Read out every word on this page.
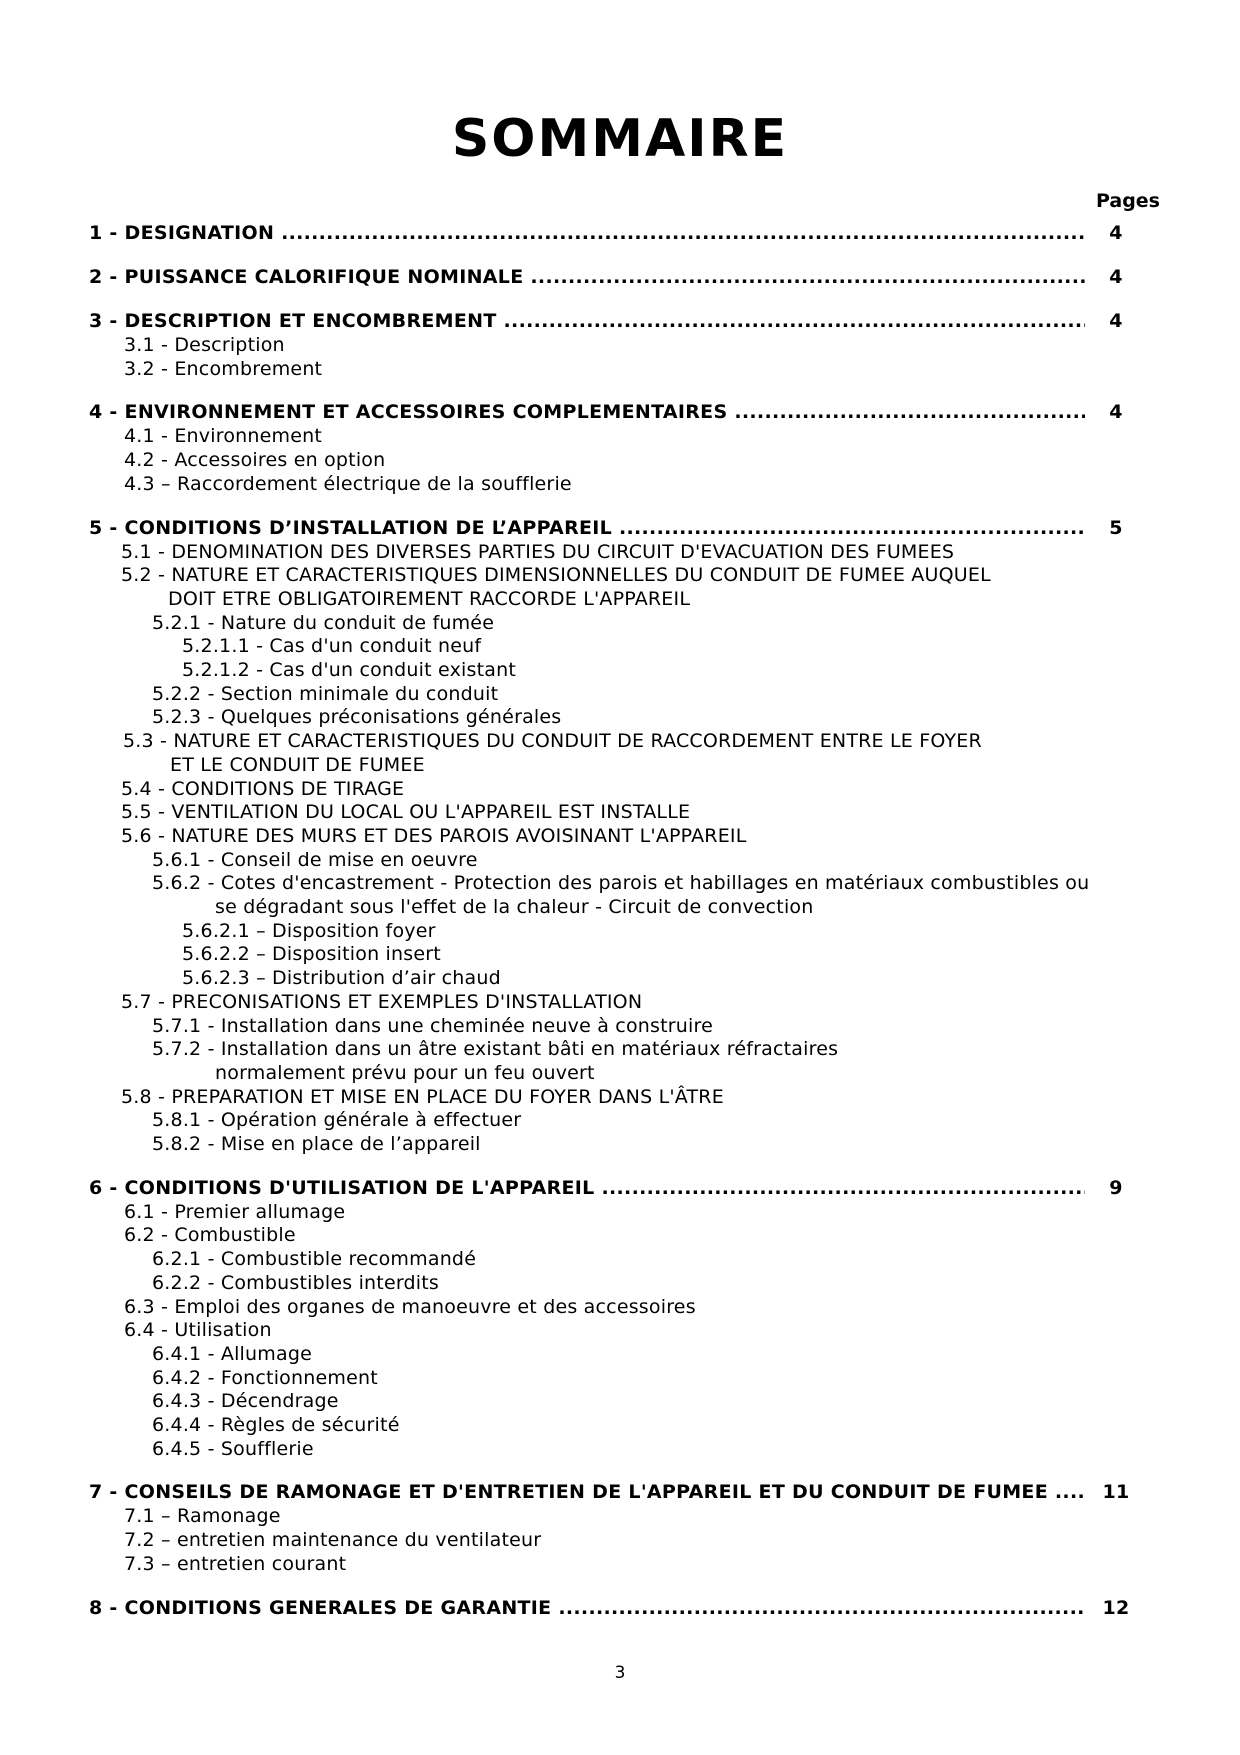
SOMMAIRE
Pages
1 - DESIGNATION .....	4
2 - PUISSANCE CALORIFIQUE NOMINALE .....	4
3 - DESCRIPTION ET ENCOMBREMENT .....	4
3.1 - Description
3.2 - Encombrement
4 - ENVIRONNEMENT ET ACCESSOIRES COMPLEMENTAIRES .....	4
4.1 - Environnement
4.2 - Accessoires en option
4.3 – Raccordement électrique de la soufflerie
5 - CONDITIONS D’INSTALLATION DE L’APPAREIL .....	5
5.1 - DENOMINATION DES DIVERSES PARTIES DU CIRCUIT D'EVACUATION DES FUMEES
5.2 - NATURE ET CARACTERISTIQUES DIMENSIONNELLES DU CONDUIT DE FUMEE AUQUEL
DOIT ETRE OBLIGATOIREMENT RACCORDE L'APPAREIL
5.2.1 - Nature du conduit de fumée
5.2.1.1 - Cas d'un conduit neuf
5.2.1.2 - Cas d'un conduit existant
5.2.2 - Section minimale du conduit
5.2.3 - Quelques préconisations générales
5.3 - NATURE ET CARACTERISTIQUES DU CONDUIT DE RACCORDEMENT ENTRE LE FOYER
ET LE CONDUIT DE FUMEE
5.4 - CONDITIONS DE TIRAGE
5.5 - VENTILATION DU LOCAL OU L'APPAREIL EST INSTALLE
5.6 - NATURE DES MURS ET DES PAROIS AVOISINANT L'APPAREIL
5.6.1 - Conseil de mise en oeuvre
5.6.2 - Cotes d'encastrement - Protection des parois et habillages en matériaux combustibles ou
se dégradant sous l'effet de la chaleur - Circuit de convection
5.6.2.1 – Disposition foyer
5.6.2.2 – Disposition insert
5.6.2.3 – Distribution d’air chaud
5.7 - PRECONISATIONS ET EXEMPLES D'INSTALLATION
5.7.1 - Installation dans une cheminée neuve à construire
5.7.2 - Installation dans un âtre existant bâti en matériaux réfractaires
normalement prévu pour un feu ouvert
5.8 - PREPARATION ET MISE EN PLACE DU FOYER DANS L'ÂTRE
5.8.1 - Opération générale à effectuer
5.8.2 - Mise en place de l’appareil
6 - CONDITIONS D'UTILISATION DE L'APPAREIL .....	9
6.1 - Premier allumage
6.2 - Combustible
6.2.1 - Combustible recommandé
6.2.2 - Combustibles interdits
6.3 - Emploi des organes de manoeuvre et des accessoires
6.4 - Utilisation
6.4.1 - Allumage
6.4.2 - Fonctionnement
6.4.3 - Décendrage
6.4.4 - Règles de sécurité
6.4.5 - Soufflerie
7 - CONSEILS DE RAMONAGE ET D'ENTRETIEN DE L'APPAREIL ET DU CONDUIT DE FUMEE .....	11
7.1 – Ramonage
7.2 – entretien maintenance du ventilateur
7.3 – entretien courant
8 - CONDITIONS GENERALES DE GARANTIE .....	12
3
